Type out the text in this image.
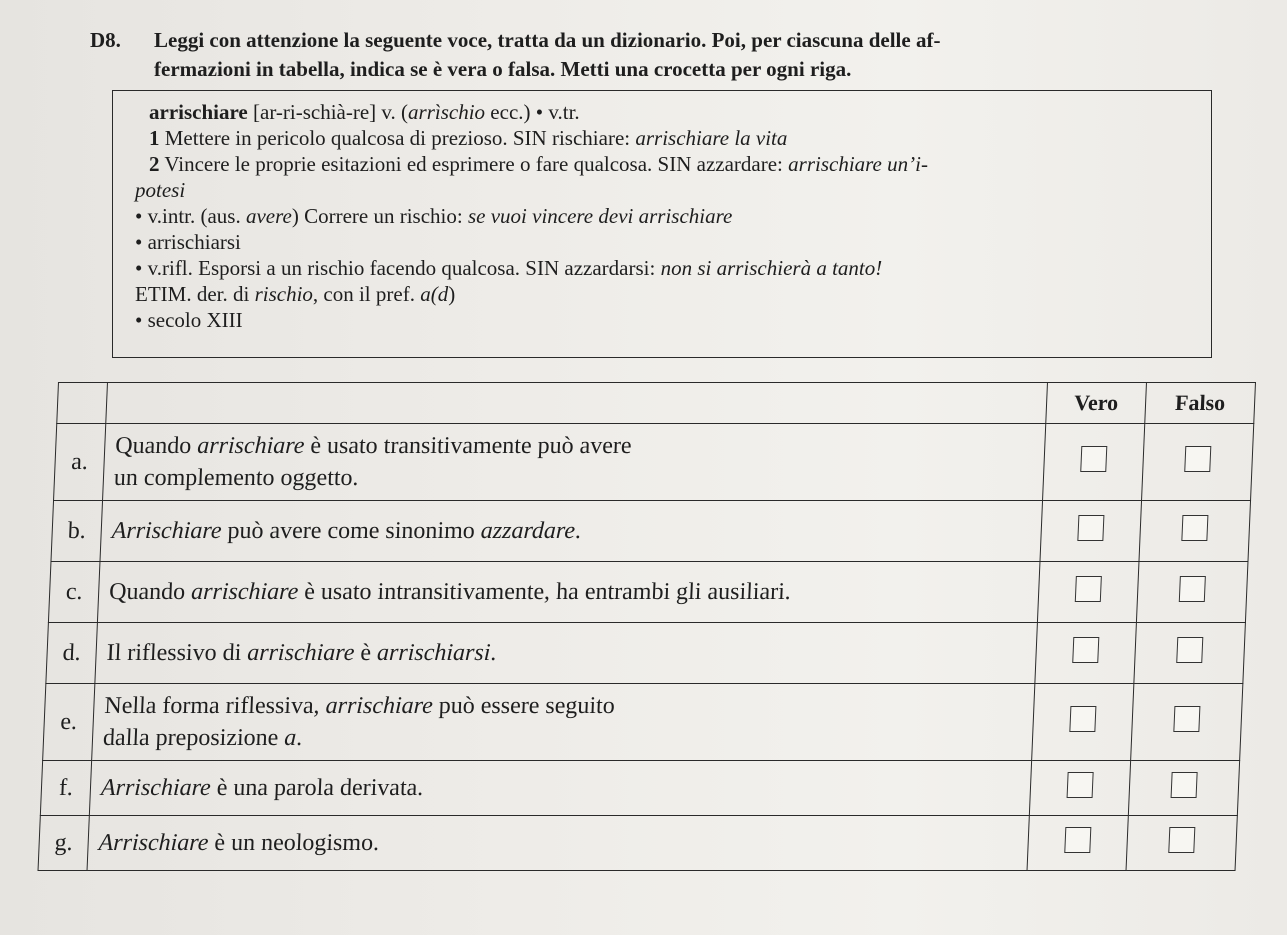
D8. Leggi con attenzione la seguente voce, tratta da un dizionario. Poi, per ciascuna delle af-
fermazioni in tabella, indica se è vera o falsa. Metti una crocetta per ogni riga.

arrischiare [ar-ri-schià-re] v. (arrìschio ecc.) • v.tr.

1 Mettere in pericolo qualcosa di prezioso. SIN rischiare: arrischiare la vita

2 Vincere le proprie esitazioni ed esprimere o fare qualcosa. SIN azzardare: arrischiare un’i-

potesi

• v.intr. (aus. avere) Correre un rischio: se vuoi vincere devi arrischiare

• arrischiarsi

• v.rifl. Esporsi a un rischio facendo qualcosa. SIN azzardarsi: non si arrischierà a tanto!

ETIM. der. di rischio, con il pref. a(d)

• secolo XIII

		Vero	Falso
a.	Quando arrischiare è usato transitivamente può avere
un complemento oggetto.		

b.	Arrischiare può avere come sinonimo azzardare.		

c.	Quando arrischiare è usato intransitivamente, ha entrambi gli ausiliari.		

d.	Il riflessivo di arrischiare è arrischiarsi.		

e.	Nella forma riflessiva, arrischiare può essere seguito
dalla preposizione a.		

f.	Arrischiare è una parola derivata.		

g.	Arrischiare è un neologismo.		
